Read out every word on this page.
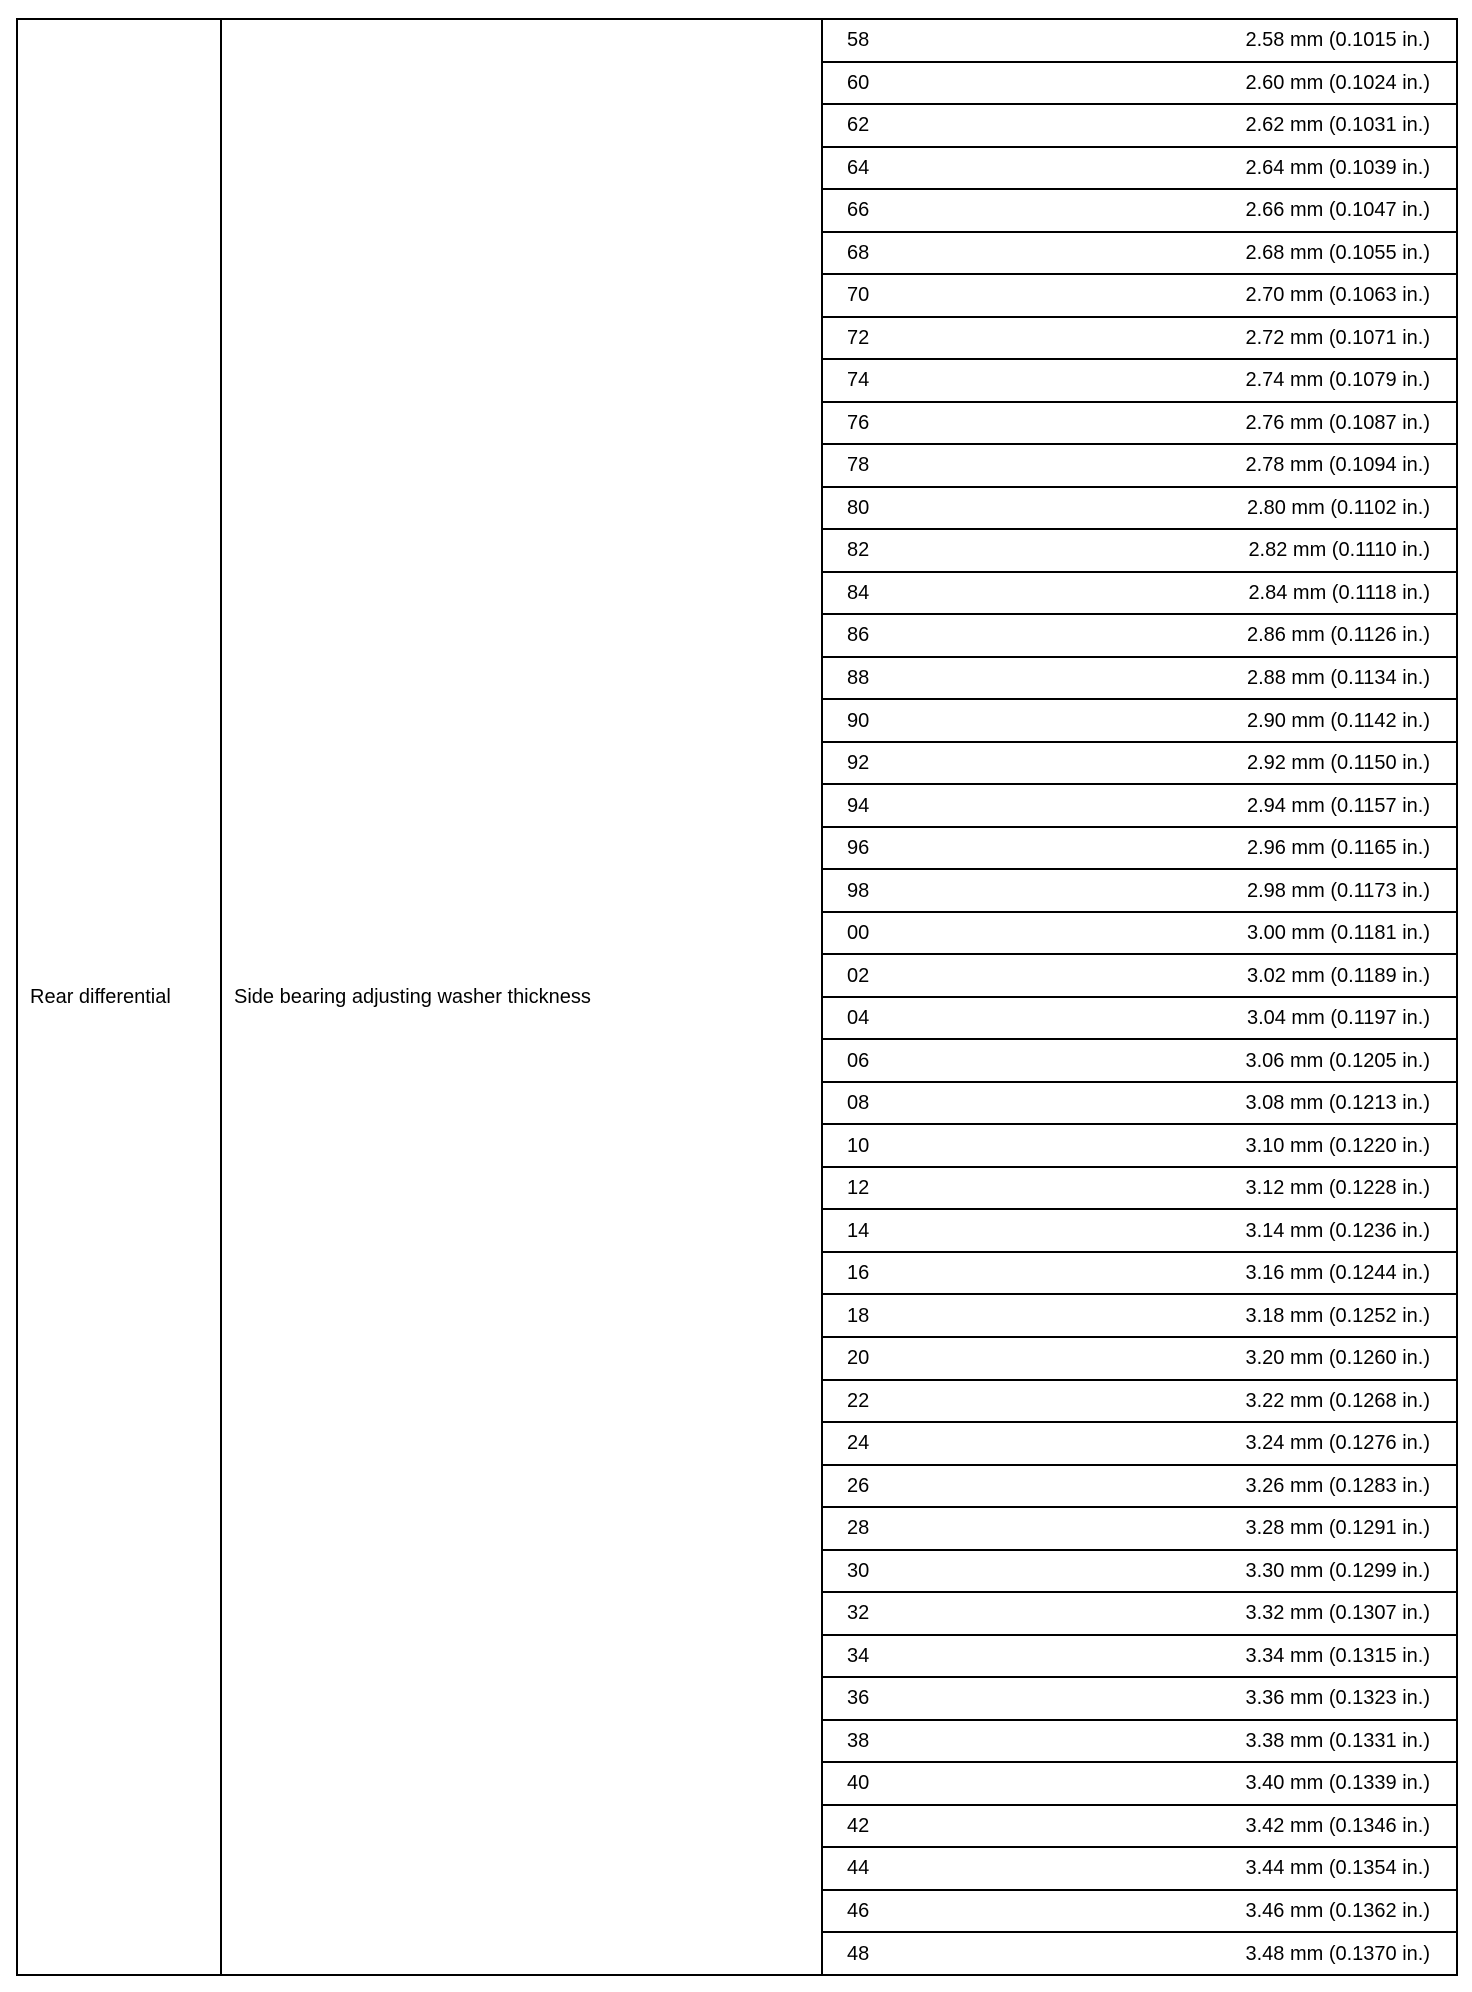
Rear differential	Side bearing adjusting washer thickness	
58	2.58 mm (0.1015 in.)

60	2.60 mm (0.1024 in.)

62	2.62 mm (0.1031 in.)

64	2.64 mm (0.1039 in.)

66	2.66 mm (0.1047 in.)

68	2.68 mm (0.1055 in.)

70	2.70 mm (0.1063 in.)

72	2.72 mm (0.1071 in.)

74	2.74 mm (0.1079 in.)

76	2.76 mm (0.1087 in.)

78	2.78 mm (0.1094 in.)

80	2.80 mm (0.1102 in.)

82	2.82 mm (0.1110 in.)

84	2.84 mm (0.1118 in.)

86	2.86 mm (0.1126 in.)

88	2.88 mm (0.1134 in.)

90	2.90 mm (0.1142 in.)

92	2.92 mm (0.1150 in.)

94	2.94 mm (0.1157 in.)

96	2.96 mm (0.1165 in.)

98	2.98 mm (0.1173 in.)

00	3.00 mm (0.1181 in.)

02	3.02 mm (0.1189 in.)

04	3.04 mm (0.1197 in.)

06	3.06 mm (0.1205 in.)

08	3.08 mm (0.1213 in.)

10	3.10 mm (0.1220 in.)

12	3.12 mm (0.1228 in.)

14	3.14 mm (0.1236 in.)

16	3.16 mm (0.1244 in.)

18	3.18 mm (0.1252 in.)

20	3.20 mm (0.1260 in.)

22	3.22 mm (0.1268 in.)

24	3.24 mm (0.1276 in.)

26	3.26 mm (0.1283 in.)

28	3.28 mm (0.1291 in.)

30	3.30 mm (0.1299 in.)

32	3.32 mm (0.1307 in.)

34	3.34 mm (0.1315 in.)

36	3.36 mm (0.1323 in.)

38	3.38 mm (0.1331 in.)

40	3.40 mm (0.1339 in.)

42	3.42 mm (0.1346 in.)

44	3.44 mm (0.1354 in.)

46	3.46 mm (0.1362 in.)

48	3.48 mm (0.1370 in.)
